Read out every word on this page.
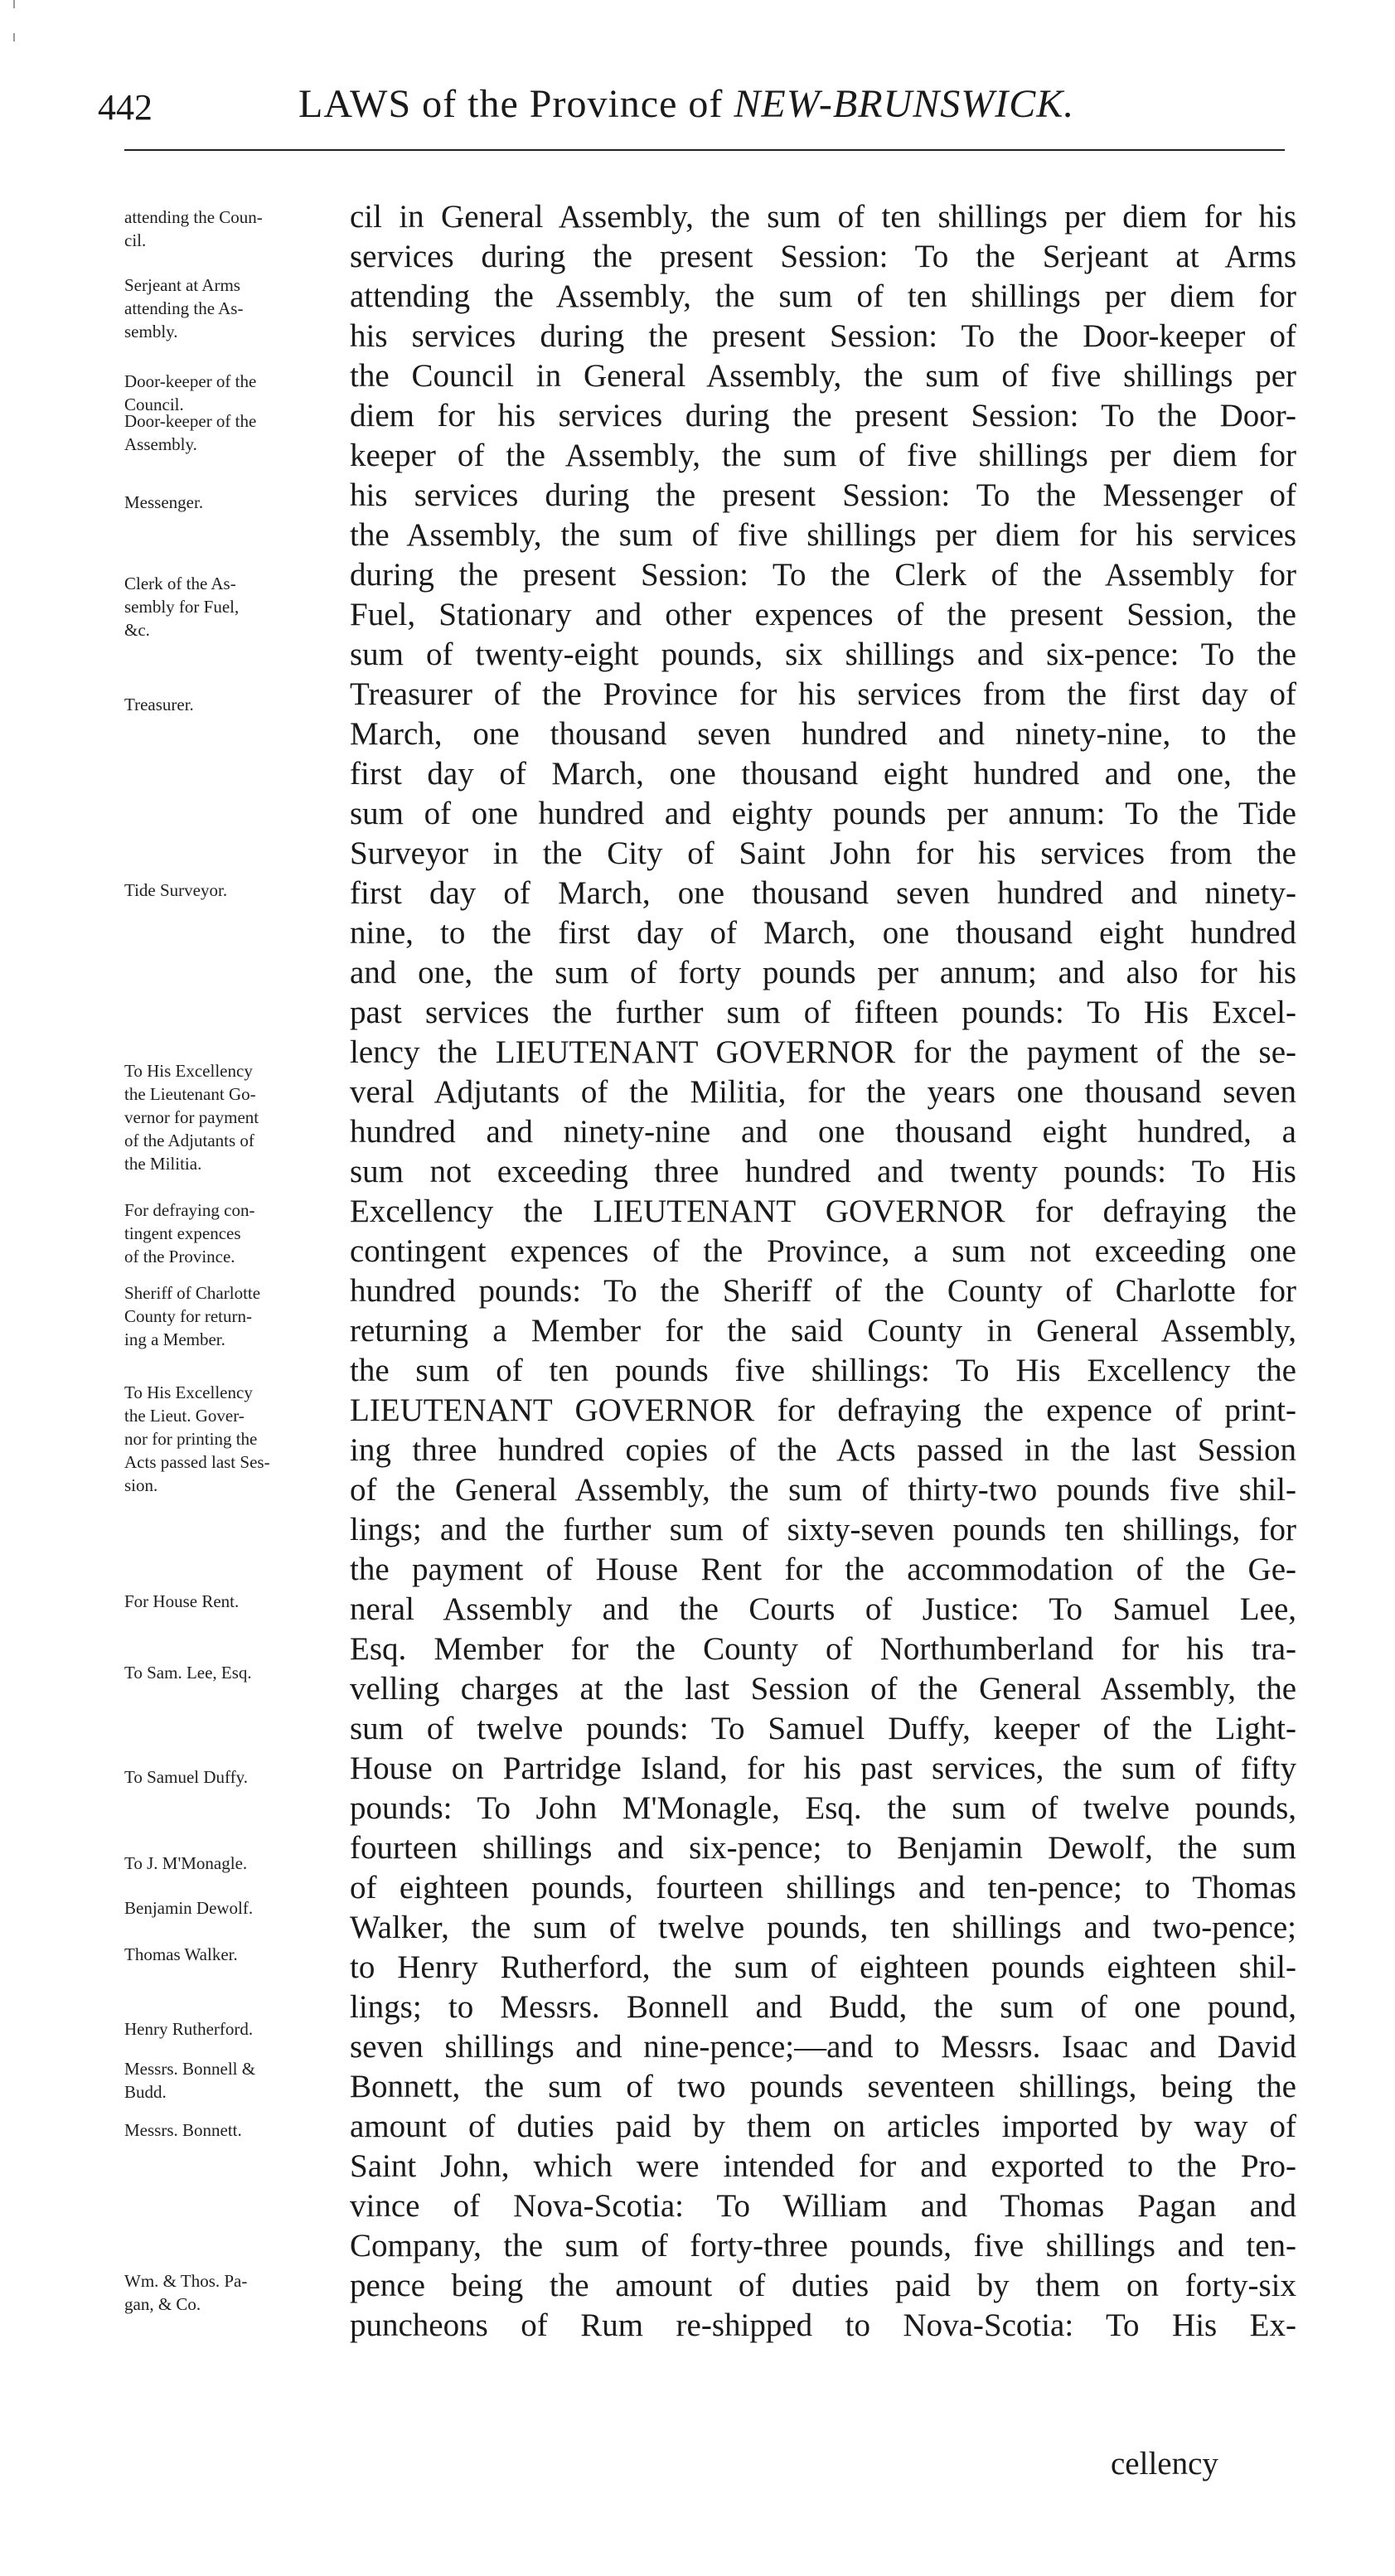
442	LAWS of the Province of NEW-BRUNSWICK.
attending the Coun-
cil.
Serjeant at Arms
attending the As-
sembly.
Door-keeper of the
Council.
Door-keeper of the
Assembly.
Messenger.
Clerk of the As-
sembly for Fuel,
&c.
Treasurer.
Tide Surveyor.
To His Excellency
the Lieutenant Go-
vernor for payment
of the Adjutants of
the Militia.
For defraying con-
tingent expences
of the Province.
Sheriff of Charlotte
County for return-
ing a Member.
To His Excellency
the Lieut. Gover-
nor for printing the
Acts passed last Ses-
sion.
For House Rent.
To Sam. Lee, Esq.
To Samuel Duffy.
To J. M'Monagle.
Benjamin Dewolf.
Thomas Walker.
Henry Rutherford.
Messrs. Bonnell &
Budd.
Messrs. Bonnett.
Wm. & Thos. Pa-
gan, & Co.
cil in General Assembly, the sum of ten shillings per diem for his
services during the present Session: To the Serjeant at Arms
attending the Assembly, the sum of ten shillings per diem for
his services during the present Session: To the Door-keeper of
the Council in General Assembly, the sum of five shillings per
diem for his services during the present Session: To the Door-
keeper of the Assembly, the sum of five shillings per diem for
his services during the present Session: To the Messenger of
the Assembly, the sum of five shillings per diem for his services
during the present Session: To the Clerk of the Assembly for
Fuel, Stationary and other expences of the present Session, the
sum of twenty-eight pounds, six shillings and six-pence: To the
Treasurer of the Province for his services from the first day of
March, one thousand seven hundred and ninety-nine, to the
first day of March, one thousand eight hundred and one, the
sum of one hundred and eighty pounds per annum: To the Tide
Surveyor in the City of Saint John for his services from the
first day of March, one thousand seven hundred and ninety-
nine, to the first day of March, one thousand eight hundred
and one, the sum of forty pounds per annum; and also for his
past services the further sum of fifteen pounds: To His Excel-
lency the LIEUTENANT GOVERNOR for the payment of the se-
veral Adjutants of the Militia, for the years one thousand seven
hundred and ninety-nine and one thousand eight hundred, a
sum not exceeding three hundred and twenty pounds: To His
Excellency the LIEUTENANT GOVERNOR for defraying the
contingent expences of the Province, a sum not exceeding one
hundred pounds: To the Sheriff of the County of Charlotte for
returning a Member for the said County in General Assembly,
the sum of ten pounds five shillings: To His Excellency the
LIEUTENANT GOVERNOR for defraying the expence of print-
ing three hundred copies of the Acts passed in the last Session
of the General Assembly, the sum of thirty-two pounds five shil-
lings; and the further sum of sixty-seven pounds ten shillings, for
the payment of House Rent for the accommodation of the Ge-
neral Assembly and the Courts of Justice: To Samuel Lee,
Esq. Member for the County of Northumberland for his tra-
velling charges at the last Session of the General Assembly, the
sum of twelve pounds: To Samuel Duffy, keeper of the Light-
House on Partridge Island, for his past services, the sum of fifty
pounds: To John M'Monagle, Esq. the sum of twelve pounds,
fourteen shillings and six-pence; to Benjamin Dewolf, the sum
of eighteen pounds, fourteen shillings and ten-pence; to Thomas
Walker, the sum of twelve pounds, ten shillings and two-pence;
to Henry Rutherford, the sum of eighteen pounds eighteen shil-
lings; to Messrs. Bonnell and Budd, the sum of one pound,
seven shillings and nine-pence;—and to Messrs. Isaac and David
Bonnett, the sum of two pounds seventeen shillings, being the
amount of duties paid by them on articles imported by way of
Saint John, which were intended for and exported to the Pro-
vince of Nova-Scotia: To William and Thomas Pagan and
Company, the sum of forty-three pounds, five shillings and ten-
pence being the amount of duties paid by them on forty-six
puncheons of Rum re-shipped to Nova-Scotia: To His Ex-
cellency
